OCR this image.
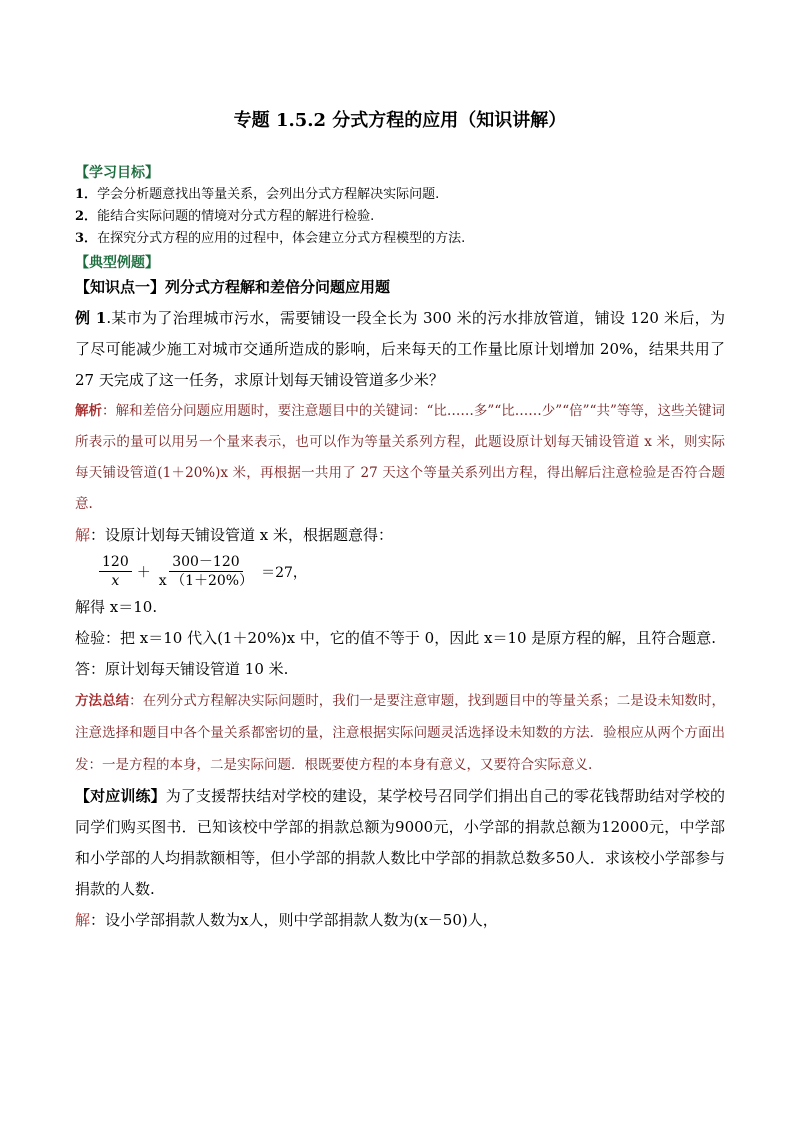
专题 1.5.2 分式方程的应用（知识讲解）
【学习目标】
1．学会分析题意找出等量关系，会列出分式方程解决实际问题.
2．能结合实际问题的情境对分式方程的解进行检验.
3．在探究分式方程的应用的过程中，体会建立分式方程模型的方法.
【典型例题】
【知识点一】列分式方程解和差倍分问题应用题
例 1.某市为了治理城市污水，需要铺设一段全长为 300 米的污水排放管道，铺设 120 米后，为了尽可能减少施工对城市交通所造成的影响，后来每天的工作量比原计划增加 20%，结果共用了 27 天完成了这一任务，求原计划每天铺设管道多少米？
解析：解和差倍分问题应用题时，要注意题目中的关键词：“比……多”“比……少”“倍”“共”等等，这些关键词所表示的量可以用另一个量来表示，也可以作为等量关系列方程，此题设原计划每天铺设管道 x 米，则实际每天铺设管道(1＋20%)x 米，再根据一共用了 27 天这个等量关系列出方程，得出解后注意检验是否符合题意.
解：设原计划每天铺设管道 x 米，根据题意得：
$\frac{120}{x} + \frac{300-120}{x (1+20\%)} =27$，
解得 x＝10.
检验：把 x＝10 代入(1＋20%)x 中，它的值不等于 0，因此 x＝10 是原方程的解，且符合题意.
答：原计划每天铺设管道 10 米.
方法总结：在列分式方程解决实际问题时，我们一是要注意审题，找到题目中的等量关系；二是设未知数时，注意选择和题目中各个量关系都密切的量，注意根据实际问题灵活选择设未知数的方法．验根应从两个方面出发：一是方程的本身，二是实际问题．根既要使方程的本身有意义，又要符合实际意义.
【对应训练】为了支援帮扶结对学校的建设，某学校号召同学们捐出自己的零花钱帮助结对学校的同学们购买图书．已知该校中学部的捐款总额为9000元，小学部的捐款总额为12000元，中学部和小学部的人均捐款额相等，但小学部的捐款人数比中学部的捐款总数多50人．求该校小学部参与捐款的人数.
解：设小学部捐款人数为x人，则中学部捐款人数为(x－50)人，
